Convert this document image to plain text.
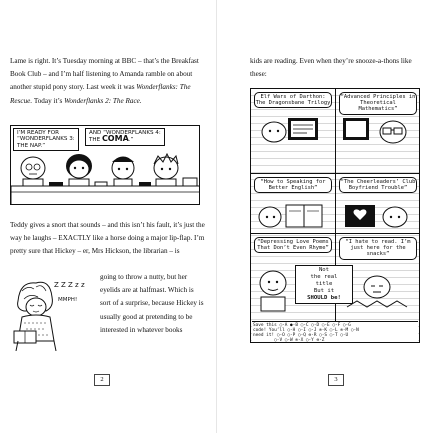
Lame is right. It’s Tuesday morning at BBC – that’s the Breakfast Book Club – and I’m half listening to Amanda ramble on about another stupid pony story. Last week it was Wonderflanks: The Rescue. Today it’s Wonderflanks 2: The Race.

I’M READY FOR “WONDERFLANKS 3: THE NAP.”
AND “WONDERFLANKS 4: THE COMA.”

Teddy gives a snort that sounds – and this isn’t his fault, it’s just the way he laughs – EXACTLY like a horse doing a major lip-flap. I’m pretty sure that Hickey – er, Mrs Hickson, the librarian – is

Z Z Z z z
MMPH!

going to throw a nutty, but her eyelids are at halfmast. Which is sort of a surprise, because Hickey is usually good at pretending to be interested in whatever books

2

kids are reading. Even when they’re snooze-a-thons like these:

Elf Wars of Darthon: The Dragonsbane Trilogy
“Advanced Principles in Theoretical Mathematics”
“How to Speaking for Better English”
“The Cheerleaders’ Club Boyfriend Trouble”
“Depressing Love Poems That Don’t Even Rhyme”
“I hate to read. I’m just here for the snacks”
Not
the real
title
But it
SHOULD be!
Save this ○-A ●-B ○-C ○-D ○-E ○-F ○-G
code! You’ll ○-H ○-I ○-J ⊗-K ○-L ⊗-M ○-N
need it! ○-O ○-P ○-Q ⊗-R ○-S ○-T ○-U
○-V ○-W ⊗-X ○-Y ⊗-Z
3
